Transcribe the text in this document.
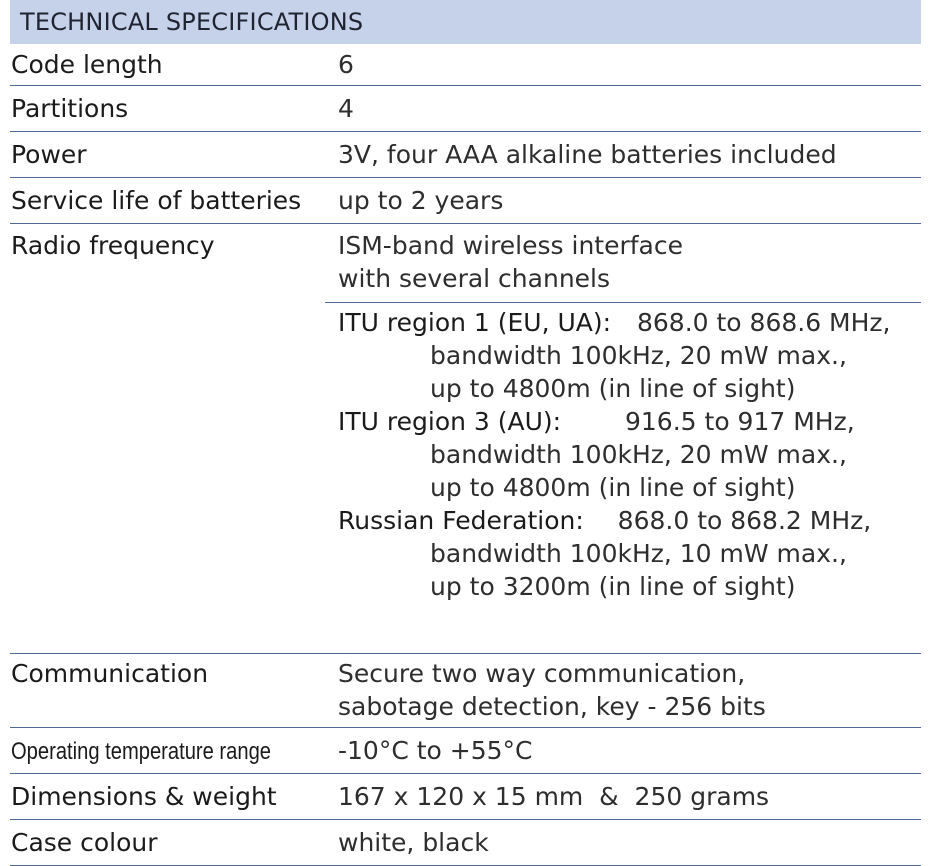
TECHNICAL SPECIFICATIONS
Code length	6
Partitions	4
Power	3V, four AAA alkaline batteries included
Service life of batteries up to 2 years
Radio frequency	ISM-band wireless interface
with several channels
ITU region 1 (EU, UA): 868.0 to 868.6 MHz,
bandwidth 100kHz, 20 mW max.,
up to 4800m (in line of sight)
ITU region 3 (AU):	916.5 to 917 MHz,
bandwidth 100kHz, 20 mW max.,
up to 4800m (in line of sight)
Russian Federation: 868.0 to 868.2 MHz,
bandwidth 100kHz, 10 mW max.,
up to 3200m (in line of sight)
Communication	Secure two way communication,
sabotage detection, key - 256 bits
Operating temperature range	-10°C to +55°C
Dimensions & weight 167 x 120 x 15 mm  &  250 grams
Case colour	white, black
